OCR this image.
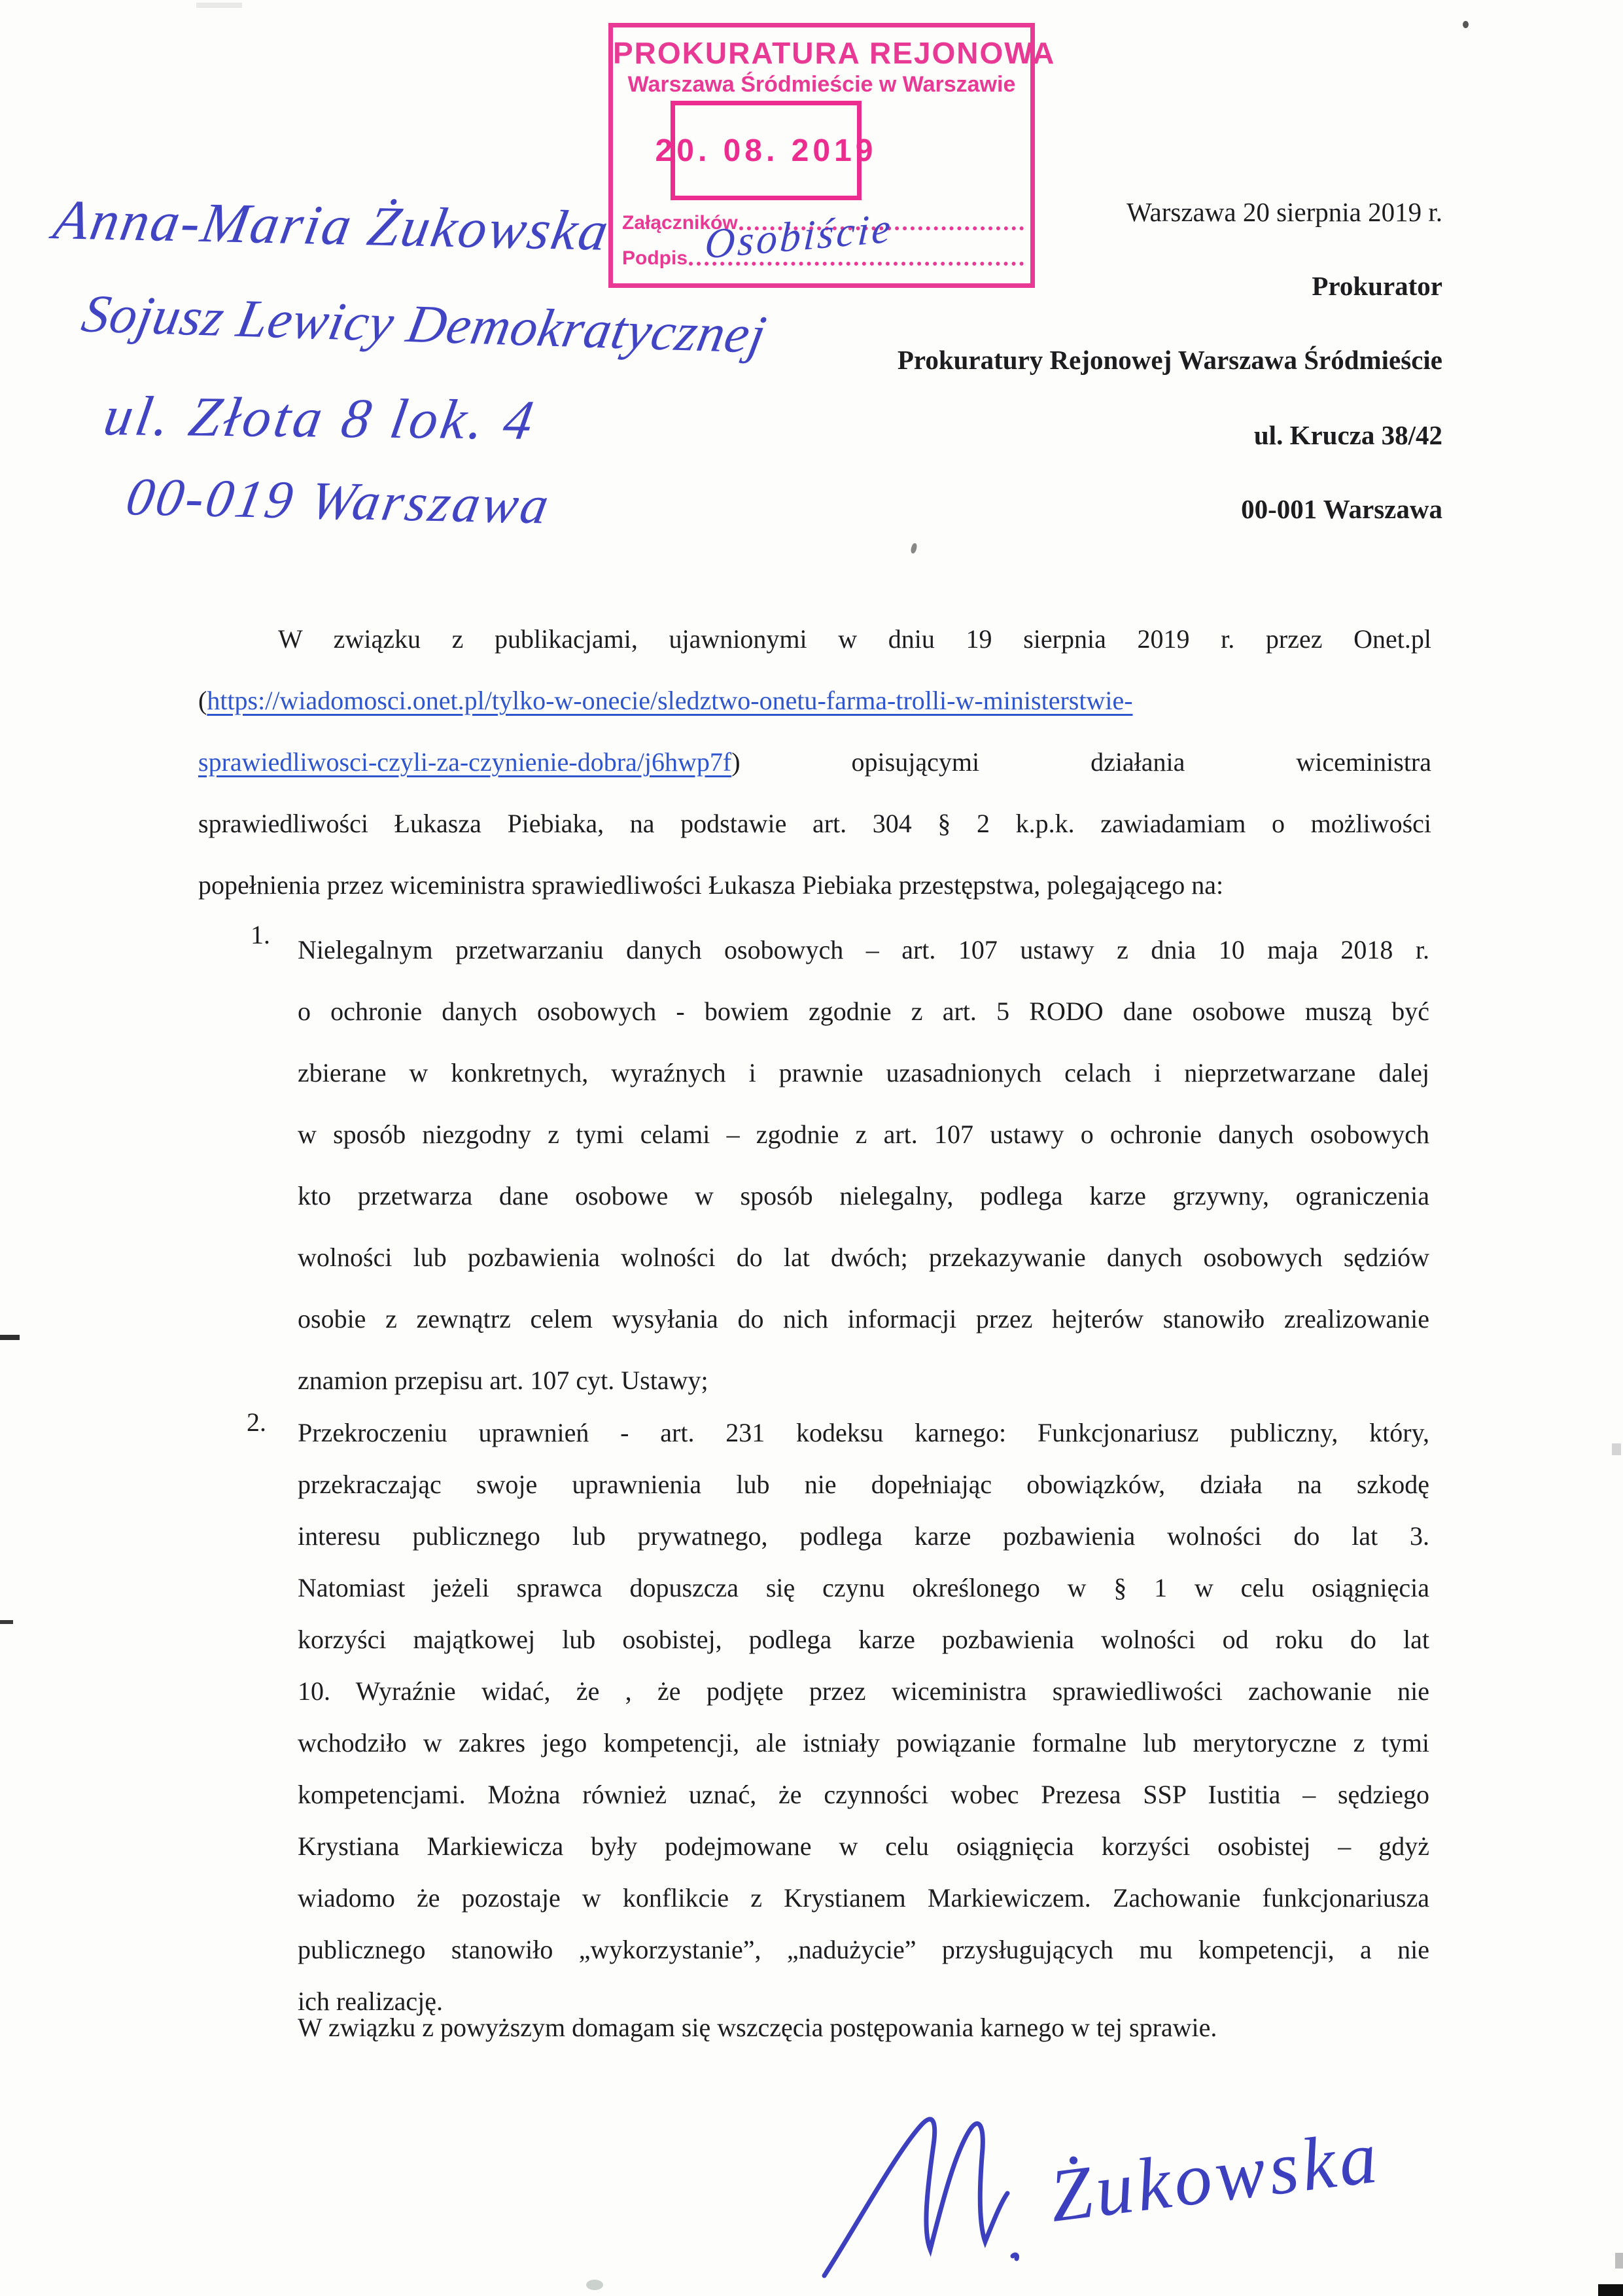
PROKURATURA REJONOWA
Warszawa Śródmieście w Warszawie
20. 08. 2019
Załączników
Podpis Osobiście
Anna-Maria Żukowska
Sojusz Lewicy Demokratycznej
ul. Złota 8 lok. 4
00-019 Warszawa
Warszawa 20 sierpnia 2019 r.
Prokurator
Prokuratury Rejonowej Warszawa Śródmieście
ul. Krucza 38/42
00-001 Warszawa
W związku z publikacjami, ujawnionymi w dniu 19 sierpnia 2019 r. przez Onet.pl
(https://wiadomosci.onet.pl/tylko-w-onecie/sledztwo-onetu-farma-trolli-w-ministerstwie-
sprawiedliwosci-czyli-za-czynienie-dobra/j6hwp7f)	opisującymi działania wiceministra
sprawiedliwości Łukasza Piebiaka, na podstawie art. 304 § 2 k.p.k. zawiadamiam o możliwości
popełnienia przez wiceministra sprawiedliwości Łukasza Piebiaka przestępstwa, polegającego na:
1.
Nielegalnym przetwarzaniu danych osobowych – art. 107 ustawy z dnia 10 maja 2018 r.
o ochronie danych osobowych - bowiem zgodnie z art. 5 RODO dane osobowe muszą być
zbierane w konkretnych, wyraźnych i prawnie uzasadnionych celach i nieprzetwarzane dalej
w sposób niezgodny z tymi celami – zgodnie z art. 107 ustawy o ochronie danych osobowych
kto przetwarza dane osobowe w sposób nielegalny, podlega karze grzywny, ograniczenia
wolności lub pozbawienia wolności do lat dwóch; przekazywanie danych osobowych sędziów
osobie z zewnątrz celem wysyłania do nich informacji przez hejterów stanowiło zrealizowanie
znamion przepisu art. 107 cyt. Ustawy;
2. Przekroczeniu uprawnień - art. 231 kodeksu karnego: Funkcjonariusz publiczny, który,
przekraczając swoje uprawnienia lub nie dopełniając obowiązków, działa na szkodę
interesu publicznego lub prywatnego, podlega karze pozbawienia wolności do lat 3.
Natomiast jeżeli sprawca dopuszcza się czynu określonego w § 1 w celu osiągnięcia
korzyści majątkowej lub osobistej, podlega karze pozbawienia wolności od roku do lat
10. Wyraźnie widać, że , że podjęte przez wiceministra sprawiedliwości zachowanie nie
wchodziło w zakres jego kompetencji, ale istniały powiązanie formalne lub merytoryczne z tymi
kompetencjami. Można również uznać, że czynności wobec Prezesa SSP Iustitia – sędziego
Krystiana Markiewicza były podejmowane w celu osiągnięcia korzyści osobistej – gdyż
wiadomo że pozostaje w konflikcie z Krystianem Markiewiczem. Zachowanie funkcjonariusza
publicznego stanowiło „wykorzystanie”, „nadużycie” przysługujących mu kompetencji, a nie
ich realizację.
W związku z powyższym domagam się wszczęcia postępowania karnego w tej sprawie.
Żukowska
